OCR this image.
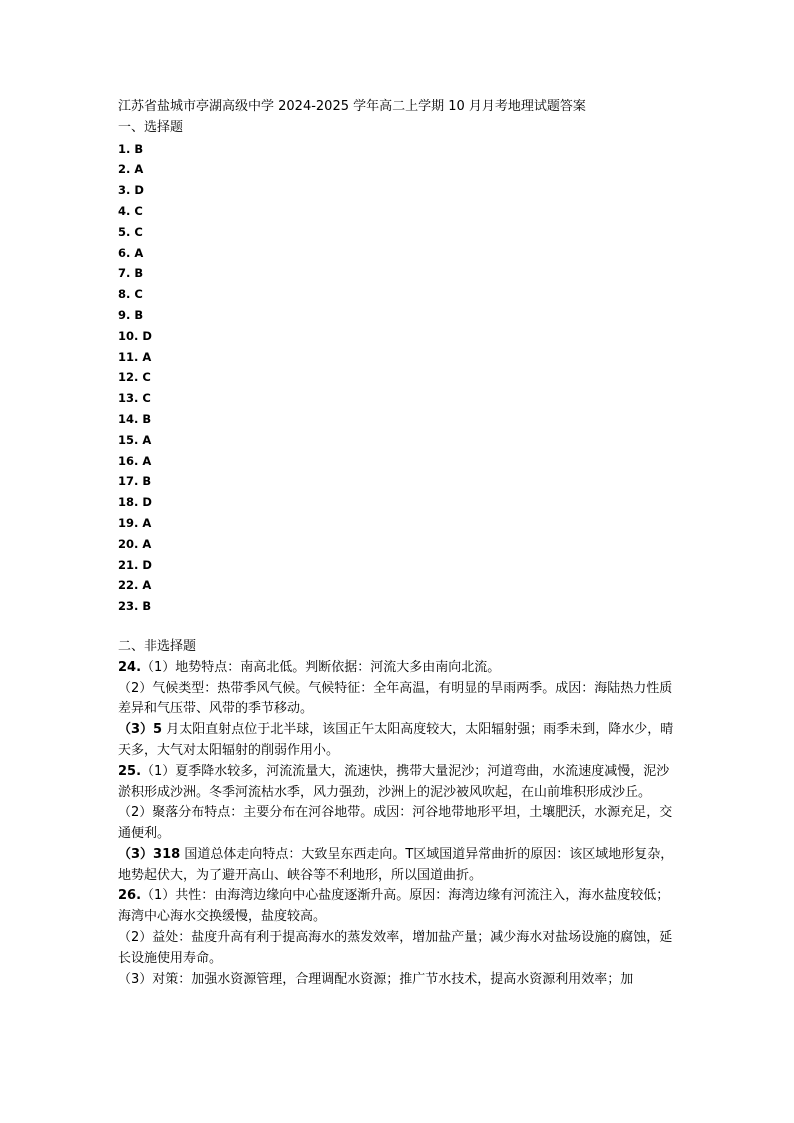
江苏省盐城市亭湖高级中学 2024-2025 学年高二上学期 10 月月考地理试题答案
一、选择题
1. B
2. A
3. D
4. C
5. C
6. A
7. B
8. C
9. B
10. D
11. A
12. C
13. C
14. B
15. A
16. A
17. B
18. D
19. A
20. A
21. D
22. A
23. B
二、非选择题
24.（1）地势特点：南高北低。判断依据：河流大多由南向北流。
（2）气候类型：热带季风气候。气候特征：全年高温，有明显的旱雨两季。成因：海陆热力性质差异和气压带、风带的季节移动。
（3）5 月太阳直射点位于北半球，该国正午太阳高度较大，太阳辐射强；雨季未到，降水少，晴天多，大气对太阳辐射的削弱作用小。
25.（1）夏季降水较多，河流流量大，流速快，携带大量泥沙；河道弯曲，水流速度减慢，泥沙淤积形成沙洲。冬季河流枯水季，风力强劲，沙洲上的泥沙被风吹起，在山前堆积形成沙丘。
（2）聚落分布特点：主要分布在河谷地带。成因：河谷地带地形平坦，土壤肥沃，水源充足，交通便利。
（3）318 国道总体走向特点：大致呈东西走向。T区域国道异常曲折的原因：该区域地形复杂，地势起伏大，为了避开高山、峡谷等不利地形，所以国道曲折。
26.（1）共性：由海湾边缘向中心盐度逐渐升高。原因：海湾边缘有河流注入，海水盐度较低；海湾中心海水交换缓慢，盐度较高。
（2）益处：盐度升高有利于提高海水的蒸发效率，增加盐产量；减少海水对盐场设施的腐蚀，延长设施使用寿命。
（3）对策：加强水资源管理，合理调配水资源；推广节水技术，提高水资源利用效率；加
